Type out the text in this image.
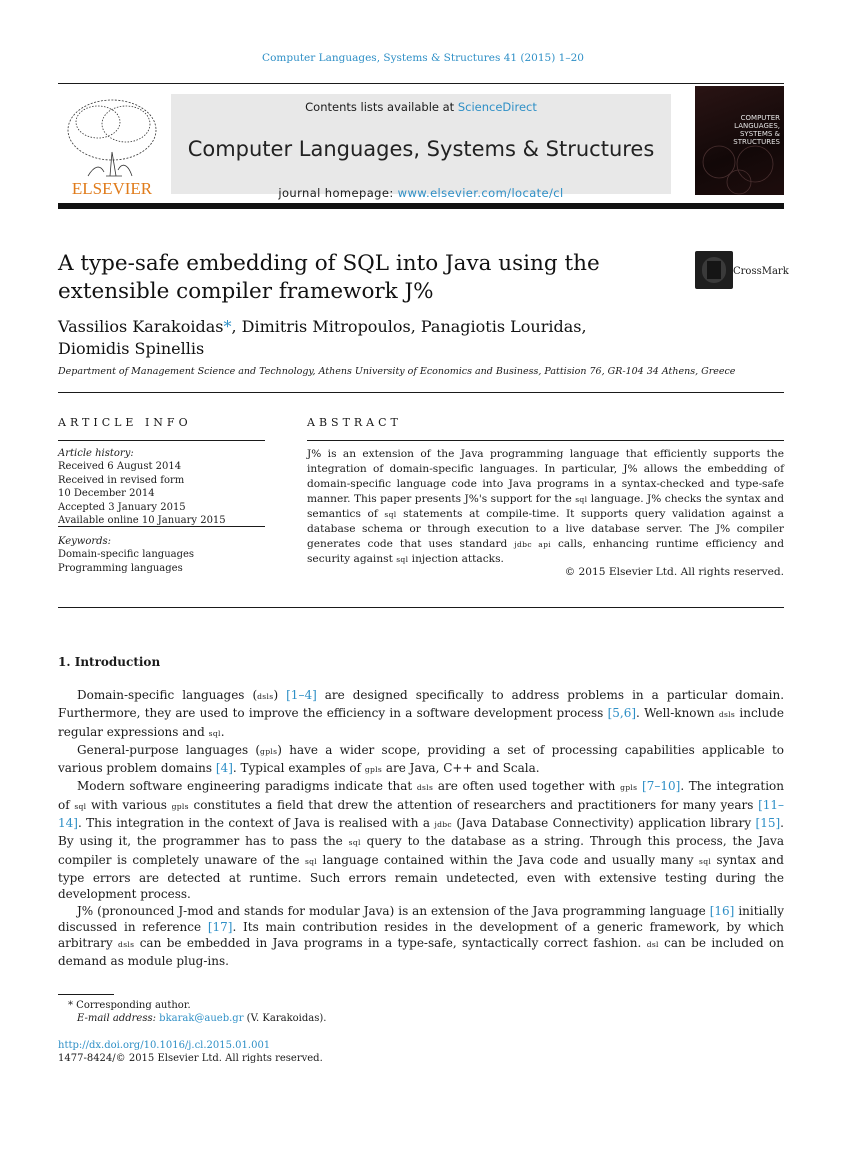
Computer Languages, Systems & Structures 41 (2015) 1–20
ELSEVIER
Contents lists available at ScienceDirect
Computer Languages, Systems & Structures
journal homepage: www.elsevier.com/locate/cl
COMPUTER
LANGUAGES,
SYSTEMS & STRUCTURES
A type-safe embedding of SQL into Java using the extensible compiler framework J%
CrossMark
Vassilios Karakoidas*, Dimitris Mitropoulos, Panagiotis Louridas,
Diomidis Spinellis
Department of Management Science and Technology, Athens University of Economics and Business, Pattision 76, GR-104 34 Athens, Greece
ARTICLE INFO	ABSTRACT
Article history:
Received 6 August 2014
Received in revised form
10 December 2014
Accepted 3 January 2015
Available online 10 January 2015
Keywords:
Domain-specific languages
Programming languages
J% is an extension of the Java programming language that efficiently supports the integration of domain-specific languages. In particular, J% allows the embedding of domain-specific language code into Java programs in a syntax-checked and type-safe manner. This paper presents J%'s support for the sql language. J% checks the syntax and semantics of sql statements at compile-time. It supports query validation against a database schema or through execution to a live database server. The J% compiler generates code that uses standard jdbc api calls, enhancing runtime efficiency and security against sql injection attacks.
© 2015 Elsevier Ltd. All rights reserved.
1. Introduction

Domain-specific languages (dsls) [1–4] are designed specifically to address problems in a particular domain. Furthermore, they are used to improve the efficiency in a software development process [5,6]. Well-known dsls include regular expressions and sql.

General-purpose languages (gpls) have a wider scope, providing a set of processing capabilities applicable to various problem domains [4]. Typical examples of gpls are Java, C++ and Scala.

Modern software engineering paradigms indicate that dsls are often used together with gpls [7–10]. The integration of sql with various gpls constitutes a field that drew the attention of researchers and practitioners for many years [11–14]. This integration in the context of Java is realised with a jdbc (Java Database Connectivity) application library [15]. By using it, the programmer has to pass the sql query to the database as a string. Through this process, the Java compiler is completely unaware of the sql language contained within the Java code and usually many sql syntax and type errors are detected at runtime. Such errors remain undetected, even with extensive testing during the development process.

J% (pronounced J-mod and stands for modular Java) is an extension of the Java programming language [16] initially discussed in reference [17]. Its main contribution resides in the development of a generic framework, by which arbitrary dsls can be embedded in Java programs in a type-safe, syntactically correct fashion. dsl can be included on demand as module plug-ins.

* Corresponding author.
E-mail address: bkarak@aueb.gr (V. Karakoidas).
http://dx.doi.org/10.1016/j.cl.2015.01.001
1477-8424/© 2015 Elsevier Ltd. All rights reserved.
